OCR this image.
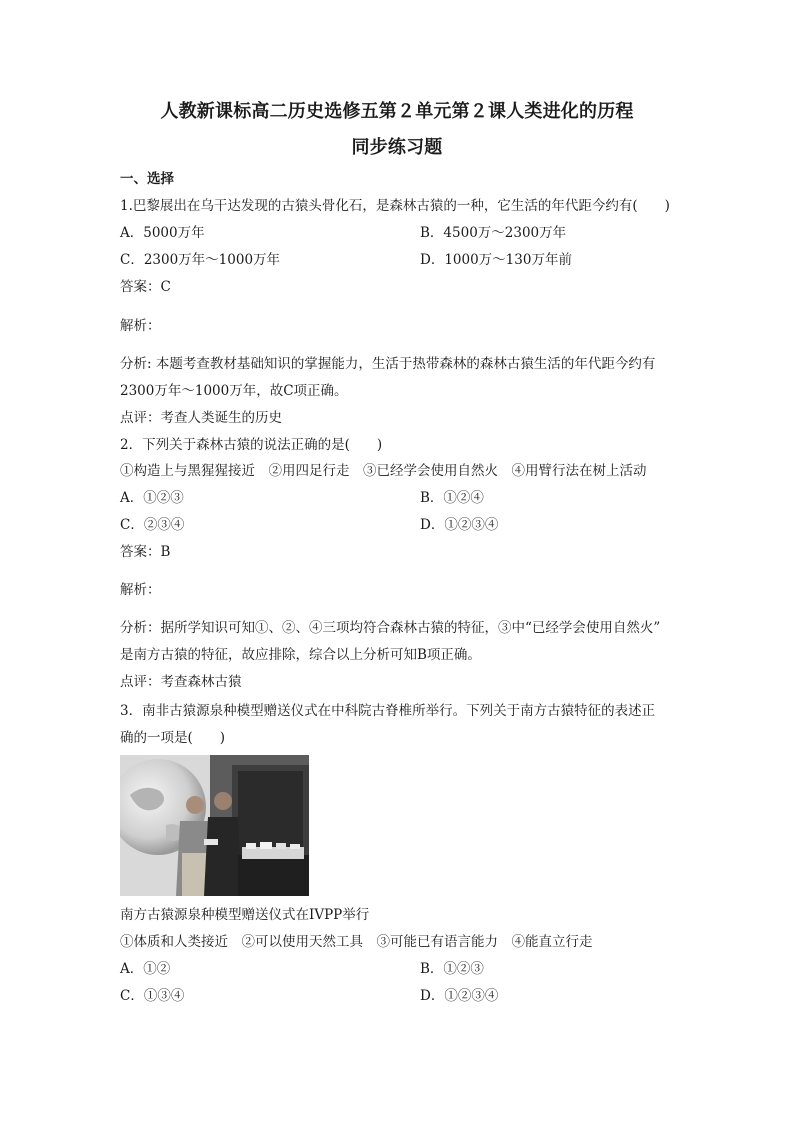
人教新课标高二历史选修五第２单元第２课人类进化的历程
同步练习题
一、选择
1.巴黎展出在乌干达发现的古猿头骨化石，是森林古猿的一种，它生活的年代距今约有(　　)
A．5000万年	B．4500万～2300万年
C．2300万年～1000万年	D．1000万～130万年前
答案：C
解析：
分析: 本题考查教材基础知识的掌握能力，生活于热带森林的森林古猿生活的年代距今约有
2300万年～1000万年，故C项正确。
点评：考查人类诞生的历史
2．下列关于森林古猿的说法正确的是(　　)
①构造上与黑猩猩接近　②用四足行走　③已经学会使用自然火　④用臂行法在树上活动
A．①②③	B．①②④
C．②③④	D．①②③④
答案：B
解析：
分析：据所学知识可知①、②、④三项均符合森林古猿的特征，③中“已经学会使用自然火”
是南方古猿的特征，故应排除，综合以上分析可知B项正确。
点评：考查森林古猿
3．南非古猿源泉种模型赠送仪式在中科院古脊椎所举行。下列关于南方古猿特征的表述正
确的一项是(　　)
南方古猿源泉种模型赠送仪式在IVPP举行
①体质和人类接近　②可以使用天然工具　③可能已有语言能力　④能直立行走
A．①②	B．①②③
C．①③④	D．①②③④
